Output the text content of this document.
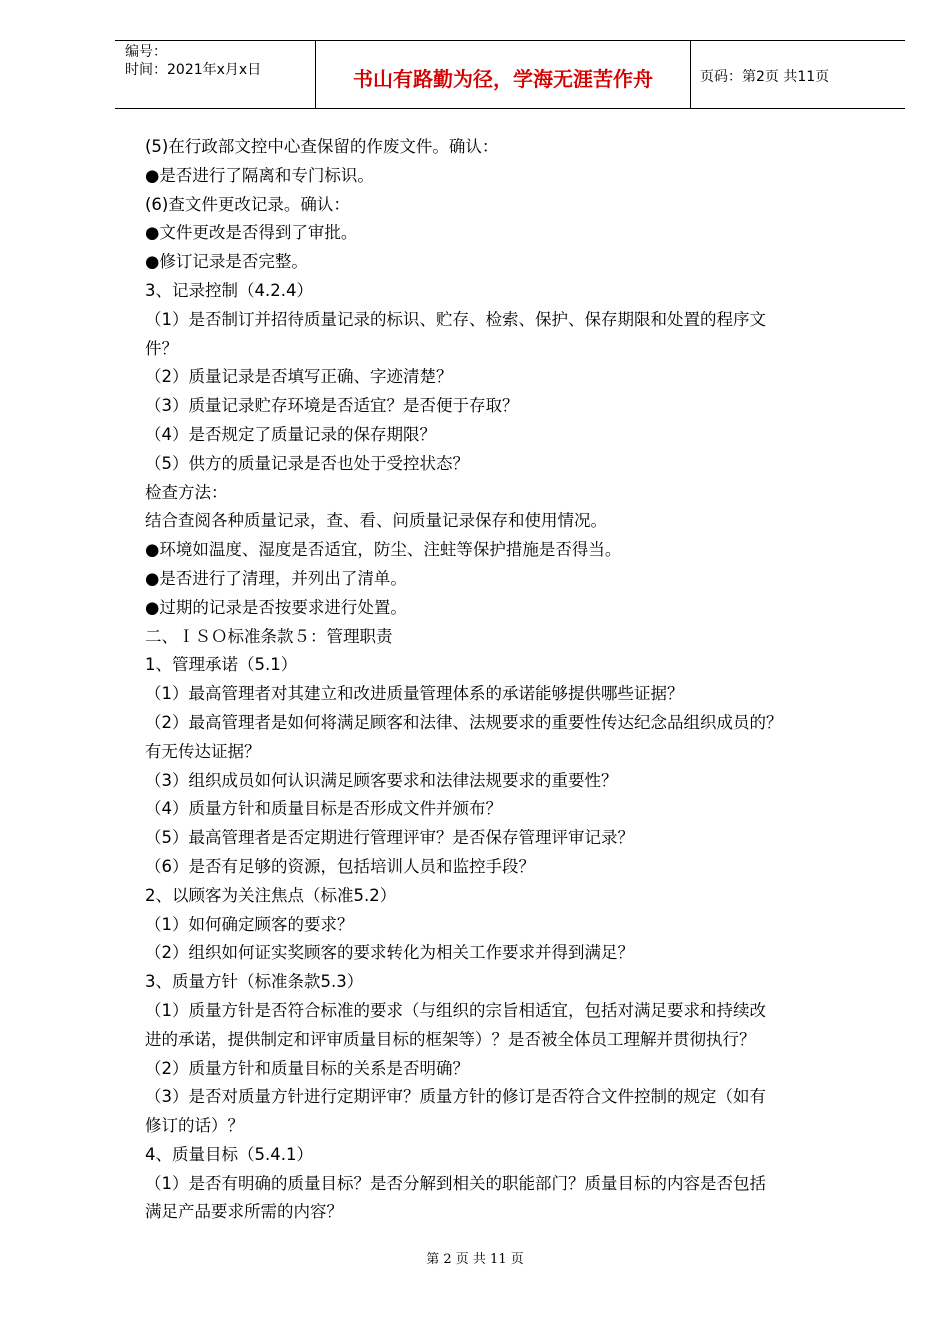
编号：
时间：2021年x月x日	书山有路勤为径，学海无涯苦作舟	页码：第2页 共11页
(5)在行政部文控中心查保留的作废文件。确认：
●是否进行了隔离和专门标识。
(6)查文件更改记录。确认：
●文件更改是否得到了审批。
●修订记录是否完整。
3、记录控制（4.2.4）
（1）是否制订并招待质量记录的标识、贮存、检索、保护、保存期限和处置的程序文
件？
（2）质量记录是否填写正确、字迹清楚？
（3）质量记录贮存环境是否适宜？是否便于存取？
（4）是否规定了质量记录的保存期限？
（5）供方的质量记录是否也处于受控状态？
检查方法：
结合查阅各种质量记录，查、看、问质量记录保存和使用情况。
●环境如温度、湿度是否适宜，防尘、注蛀等保护措施是否得当。
●是否进行了清理，并列出了清单。
●过期的记录是否按要求进行处置。
二、ＩＳＯ标准条款５：管理职责
1、管理承诺（5.1）
（1）最高管理者对其建立和改进质量管理体系的承诺能够提供哪些证据？
（2）最高管理者是如何将满足顾客和法律、法规要求的重要性传达纪念品组织成员的？
有无传达证据？
（3）组织成员如何认识满足顾客要求和法律法规要求的重要性？
（4）质量方针和质量目标是否形成文件并颁布？
（5）最高管理者是否定期进行管理评审？是否保存管理评审记录？
（6）是否有足够的资源，包括培训人员和监控手段？
2、以顾客为关注焦点（标准5.2）
（1）如何确定顾客的要求？
（2）组织如何证实奖顾客的要求转化为相关工作要求并得到满足？
3、质量方针（标准条款5.3）
（1）质量方针是否符合标准的要求（与组织的宗旨相适宜，包括对满足要求和持续改
进的承诺，提供制定和评审质量目标的框架等）？是否被全体员工理解并贯彻执行？
（2）质量方针和质量目标的关系是否明确？
（3）是否对质量方针进行定期评审？质量方针的修订是否符合文件控制的规定（如有
修订的话）？
4、质量目标（5.4.1）
（1）是否有明确的质量目标？是否分解到相关的职能部门？质量目标的内容是否包括
满足产品要求所需的内容？
第 2 页 共 11 页
